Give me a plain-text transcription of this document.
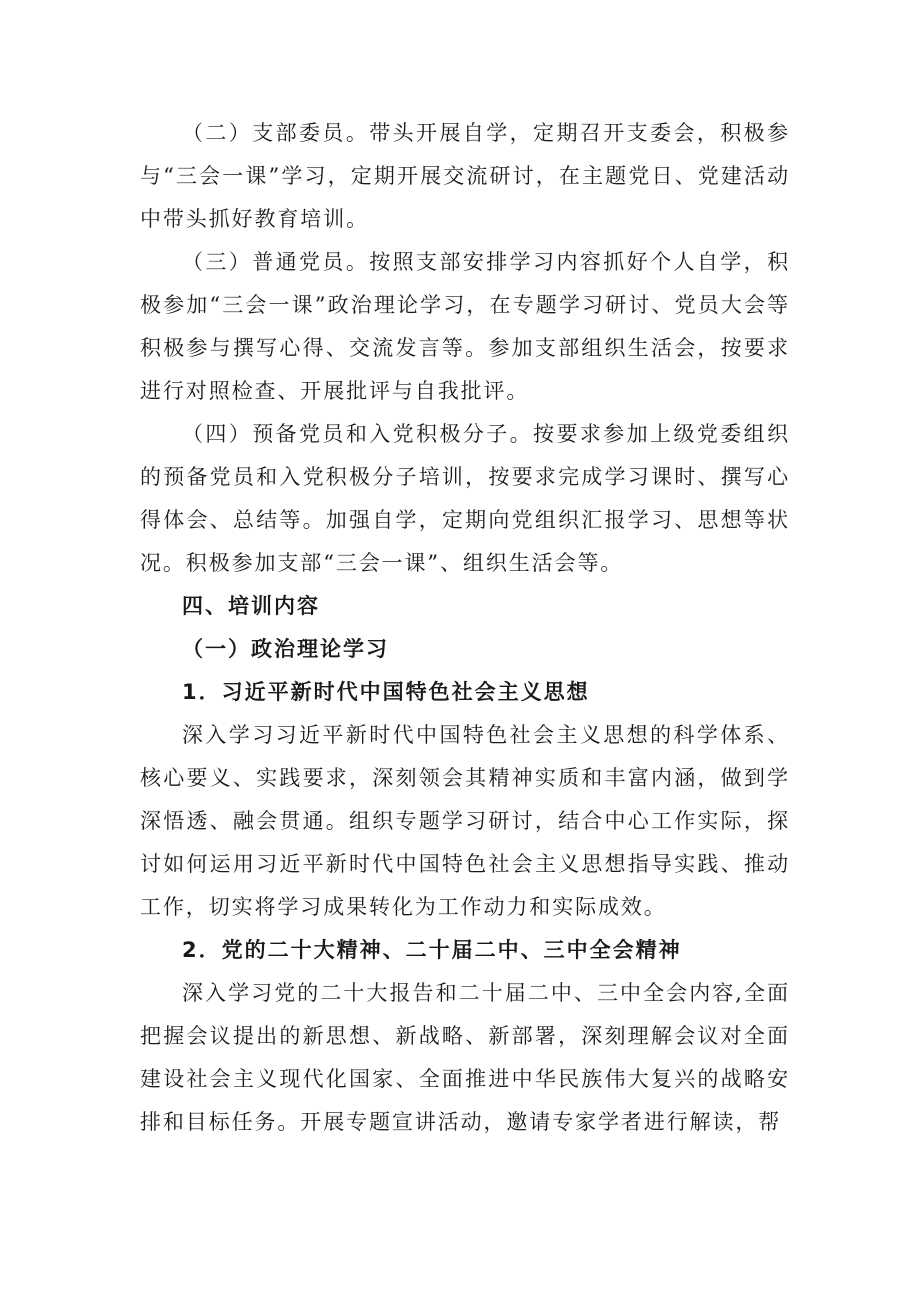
（二）支部委员。带头开展自学，定期召开支委会，积极参与“三会一课”学习，定期开展交流研讨，在主题党日、党建活动中带头抓好教育培训。

（三）普通党员。按照支部安排学习内容抓好个人自学，积极参加“三会一课”政治理论学习，在专题学习研讨、党员大会等积极参与撰写心得、交流发言等。参加支部组织生活会，按要求进行对照检查、开展批评与自我批评。

（四）预备党员和入党积极分子。按要求参加上级党委组织的预备党员和入党积极分子培训，按要求完成学习课时、撰写心得体会、总结等。加强自学，定期向党组织汇报学习、思想等状况。积极参加支部“三会一课”、组织生活会等。

四、培训内容

（一）政治理论学习

1．习近平新时代中国特色社会主义思想

深入学习习近平新时代中国特色社会主义思想的科学体系、核心要义、实践要求，深刻领会其精神实质和丰富内涵，做到学深悟透、融会贯通。组织专题学习研讨，结合中心工作实际，探讨如何运用习近平新时代中国特色社会主义思想指导实践、推动工作，切实将学习成果转化为工作动力和实际成效。

2．党的二十大精神、二十届二中、三中全会精神

深入学习党的二十大报告和二十届二中、三中全会内容,全面把握会议提出的新思想、新战略、新部署，深刻理解会议对全面建设社会主义现代化国家、全面推进中华民族伟大复兴的战略安排和目标任务。开展专题宣讲活动，邀请专家学者进行解读，帮
